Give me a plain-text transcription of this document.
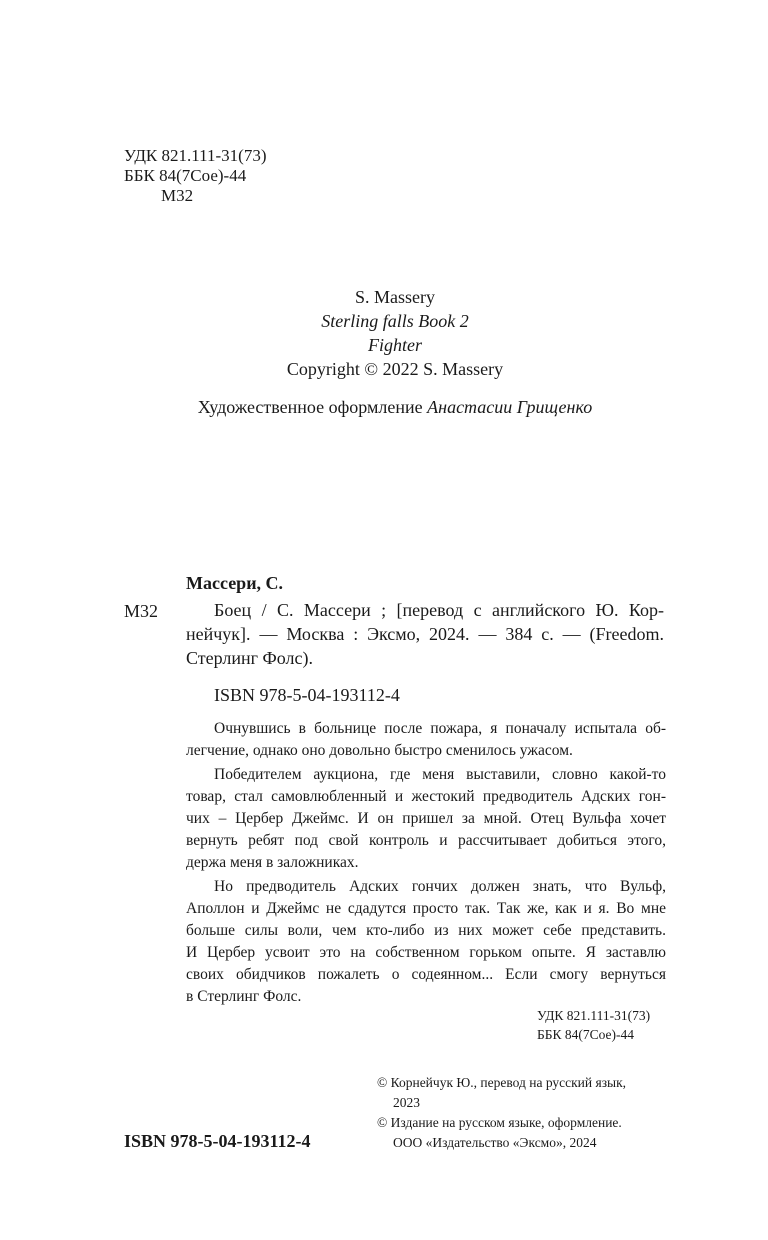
УДК 821.111-31(73)
ББК 84(7Сое)-44
М32
S. Massery
Sterling falls Book 2
Fighter
Copyright © 2022 S. Massery
Художественное оформление Анастасии Грищенко
Массери, С.
М32	Боец / С. Массери ; [перевод с английского Ю. Кор-
нейчук]. — Москва : Эксмо, 2024. — 384 с. — (Freedom.
Стерлинг Фолс).
ISBN 978-5-04-193112-4
Очнувшись в больнице после пожара, я поначалу испытала об-
легчение, однако оно довольно быстро сменилось ужасом.
Победителем аукциона, где меня выставили, словно какой-то
товар, стал самовлюбленный и жестокий предводитель Адских гон-
чих – Цербер Джеймс. И он пришел за мной. Отец Вульфа хочет
вернуть ребят под свой контроль и рассчитывает добиться этого,
держа меня в заложниках.
Но предводитель Адских гончих должен знать, что Вульф,
Аполлон и Джеймс не сдадутся просто так. Так же, как и я. Во мне
больше силы воли, чем кто-либо из них может себе представить.
И Цербер усвоит это на собственном горьком опыте. Я заставлю
своих обидчиков пожалеть о содеянном... Если смогу вернуться
в Стерлинг Фолс.
УДК 821.111-31(73)
ББК 84(7Сое)-44
© Корнейчук Ю., перевод на русский язык,
2023
© Издание на русском языке, оформление.
ООО «Издательство «Эксмо», 2024
ISBN 978-5-04-193112-4
